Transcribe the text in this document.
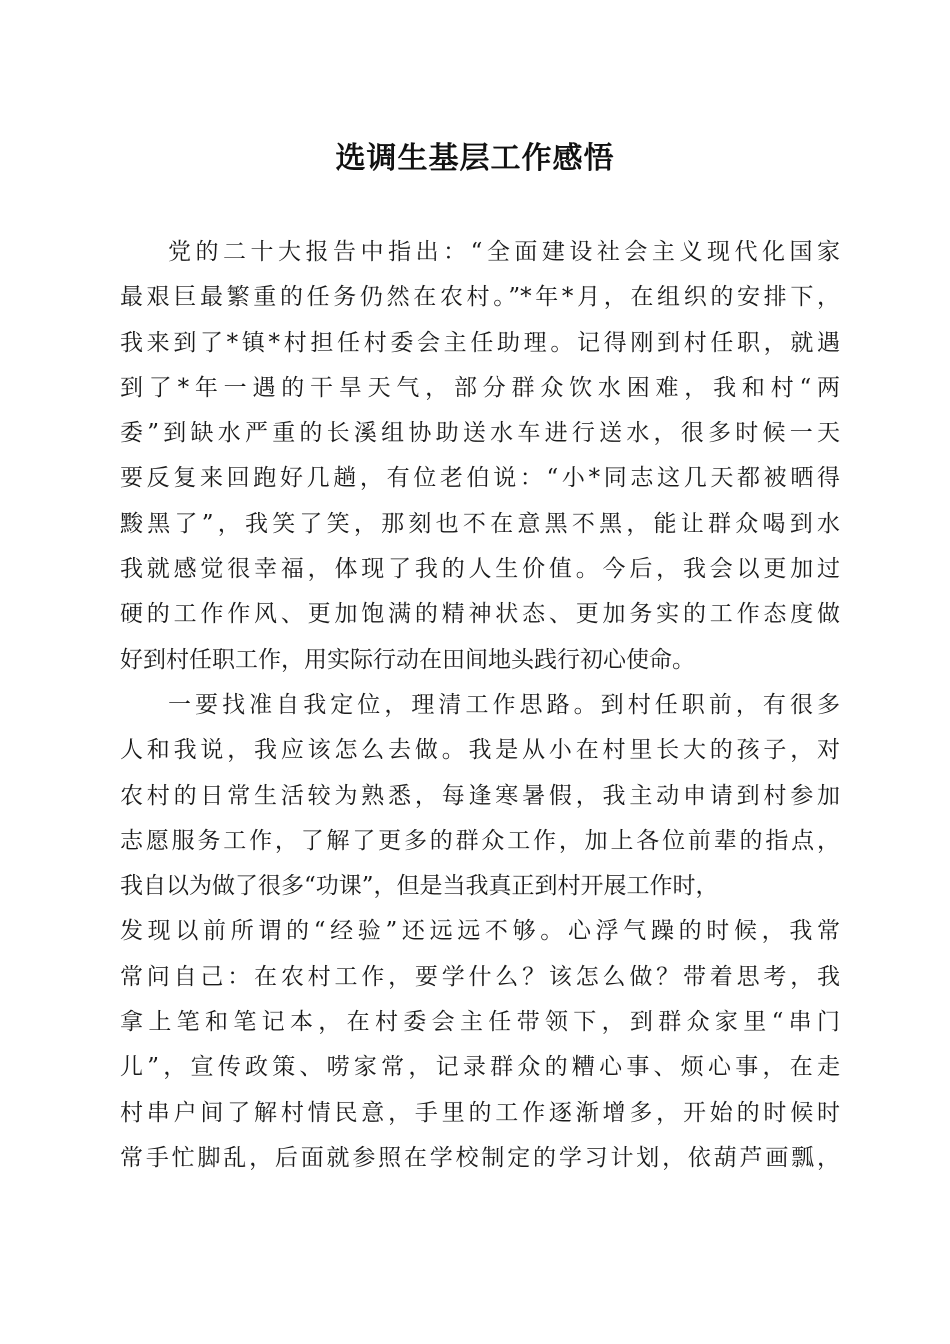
选调生基层工作感悟
党的二十大报告中指出：“全面建设社会主义现代化国家
最艰巨最繁重的任务仍然在农村。”*年*月，在组织的安排下，
我来到了*镇*村担任村委会主任助理。记得刚到村任职，就遇
到了*年一遇的干旱天气，部分群众饮水困难，我和村“两
委”到缺水严重的长溪组协助送水车进行送水，很多时候一天
要反复来回跑好几趟，有位老伯说：“小*同志这几天都被晒得
黢黑了”，我笑了笑，那刻也不在意黑不黑，能让群众喝到水
我就感觉很幸福，体现了我的人生价值。今后，我会以更加过
硬的工作作风、更加饱满的精神状态、更加务实的工作态度做
好到村任职工作，用实际行动在田间地头践行初心使命。
一要找准自我定位，理清工作思路。到村任职前，有很多
人和我说，我应该怎么去做。我是从小在村里长大的孩子，对
农村的日常生活较为熟悉，每逢寒暑假，我主动申请到村参加
志愿服务工作，了解了更多的群众工作，加上各位前辈的指点，
我自以为做了很多“功课”，但是当我真正到村开展工作时，
发现以前所谓的“经验”还远远不够。心浮气躁的时候，我常
常问自己：在农村工作，要学什么？该怎么做？带着思考，我
拿上笔和笔记本，在村委会主任带领下，到群众家里“串门
儿”，宣传政策、唠家常，记录群众的糟心事、烦心事，在走
村串户间了解村情民意，手里的工作逐渐增多，开始的时候时
常手忙脚乱，后面就参照在学校制定的学习计划，依葫芦画瓢，
